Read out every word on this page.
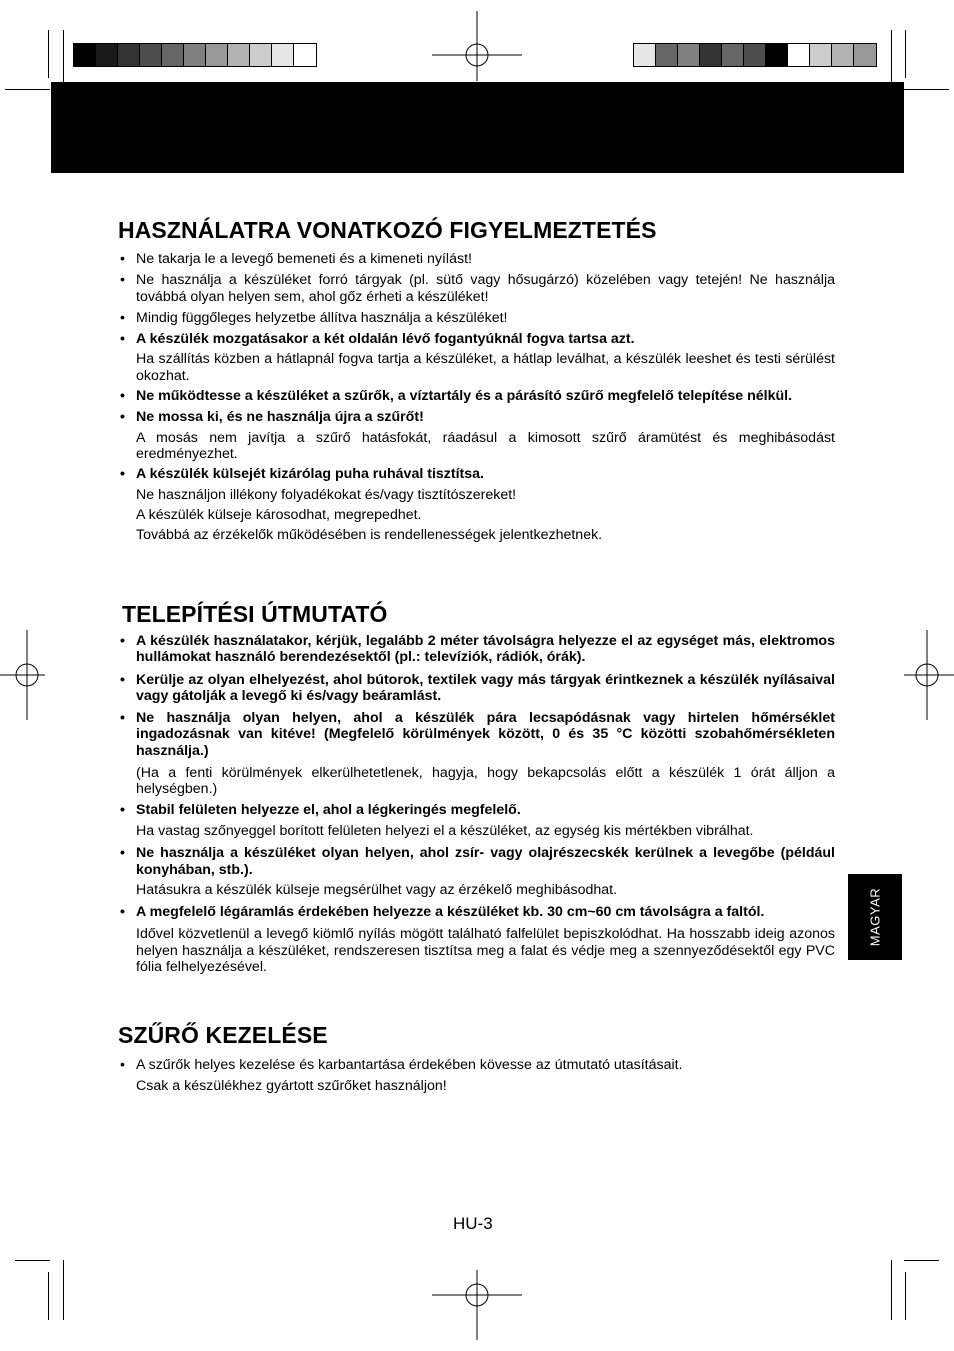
HASZNÁLATRA VONATKOZÓ FIGYELMEZTETÉS
• Ne takarja le a levegő bemeneti és a kimeneti nyílást!
• Ne használja a készüléket forró tárgyak (pl. sütő vagy hősugárzó) közelében vagy tetején! Ne használja továbbá olyan helyen sem, ahol gőz érheti a készüléket!
• Mindig függőleges helyzetbe állítva használja a készüléket!
• A készülék mozgatásakor a két oldalán lévő fogantyúknál fogva tartsa azt.
Ha szállítás közben a hátlapnál fogva tartja a készüléket, a hátlap leválhat, a készülék leeshet és testi sérülést okozhat.
• Ne működtesse a készüléket a szűrők, a víztartály és a párásító szűrő megfelelő telepítése nélkül.
• Ne mossa ki, és ne használja újra a szűrőt!
A mosás nem javítja a szűrő hatásfokát, ráadásul a kimosott szűrő áramütést és meghibásodást eredményezhet.
• A készülék külsejét kizárólag puha ruhával tisztítsa.
Ne használjon illékony folyadékokat és/vagy tisztítószereket!
A készülék külseje károsodhat, megrepedhet.
Továbbá az érzékelők működésében is rendellenességek jelentkezhetnek.
TELEPÍTÉSI ÚTMUTATÓ
• A készülék használatakor, kérjük, legalább 2 méter távolságra helyezze el az egységet más, elektromos hullámokat használó berendezésektől (pl.: televíziók, rádiók, órák).
• Kerülje az olyan elhelyezést, ahol bútorok, textilek vagy más tárgyak érintkeznek a készülék nyílásaival vagy gátolják a levegő ki és/vagy beáramlást.
• Ne használja olyan helyen, ahol a készülék pára lecsapódásnak vagy hirtelen hőmérséklet ingadozásnak van kitéve! (Megfelelő körülmények között, 0 és 35 °C közötti szobahőmérsékleten használja.)
(Ha a fenti körülmények elkerülhetetlenek, hagyja, hogy bekapcsolás előtt a készülék 1 órát álljon a helységben.)
• Stabil felületen helyezze el, ahol a légkeringés megfelelő.
Ha vastag szőnyeggel borított felületen helyezi el a készüléket, az egység kis mértékben vibrálhat.
• Ne használja a készüléket olyan helyen, ahol zsír- vagy olajrészecskék kerülnek a levegőbe (például konyhában, stb.).
Hatásukra a készülék külseje megsérülhet vagy az érzékelő meghibásodhat.
• A megfelelő légáramlás érdekében helyezze a készüléket kb. 30 cm~60 cm távolságra a faltól.
Idővel közvetlenül a levegő kiömlő nyílás mögött található falfelület bepiszkolódhat. Ha hosszabb ideig azonos helyen használja a készüléket, rendszeresen tisztítsa meg a falat és védje meg a szennyeződésektől egy PVC fólia felhelyezésével.
SZŰRŐ KEZELÉSE
• A szűrők helyes kezelése és karbantartása érdekében kövesse az útmutató utasításait.
Csak a készülékhez gyártott szűrőket használjon!
MAGYAR
HU-3
